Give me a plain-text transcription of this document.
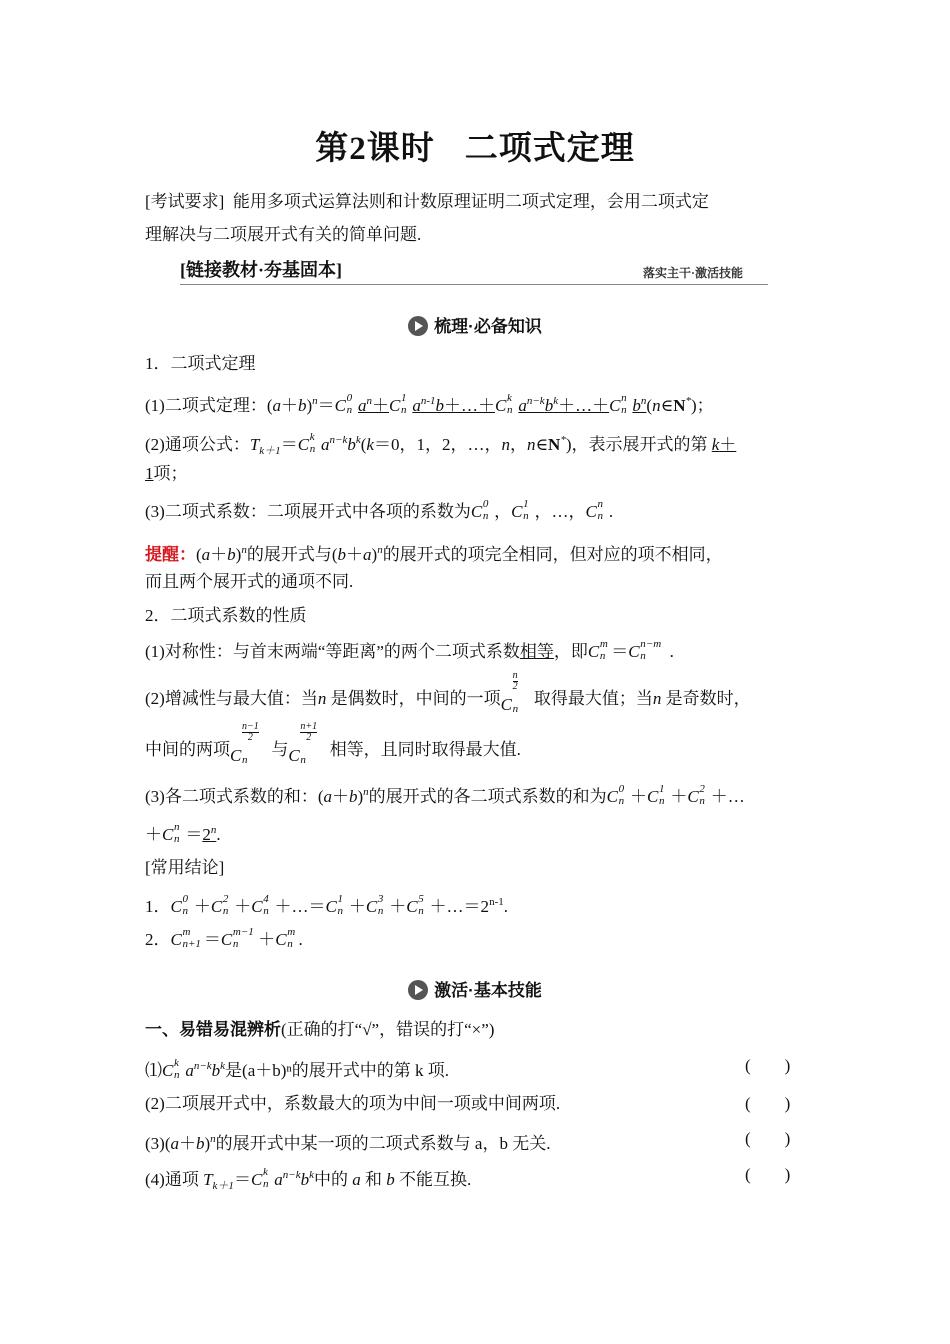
第2课时 二项式定理
[考试要求] 能用多项式运算法则和计数原理证明二项式定理，会用二项式定
理解决与二项展开式有关的简单问题.
[链接教材·夯基固本]	落实主干·激活技能
梳理·必备知识
1．二项式定理
(1)二项式定理：$(a+b)^n=C$ 0
n $a^n+C$ 1
n $a^{n-1}b+\dots+C$ k
n $a^{n-k}b^k+\dots+C$ n
n $b^n(n\in N^*)$；
(2)通项公式：$T_{k+1}=C$ k
n $a^{n-k}b^k(k=0$，1，2，…，n，n∈N*)，表示展开式的第 k＋
1项；
(3)二项式系数：二项展开式中各项的系数为C 0
n ，C 1
n ，…，C n
n .
提醒：$(a+b)^n$的展开式与$(b+a)^n$的展开式的项完全相同，但对应的项不相同，
而且两个展开式的通项不同.
2．二项式系数的性质
(1)对称性：与首末两端“等距离”的两个二项式系数相等，即C m
n ＝C n−m
n .
(2)增减性与最大值：当n 是偶数时，中间的一项C
n
2
n
取得最大值；当n 是奇数时，
中间的两项C
n−1
2
n
与C
n+1
2
n
相等，且同时取得最大值.
(3)各二项式系数的和：$(a+b)^n$的展开式的各二项式系数的和为C 0
n ＋C 1
n ＋C 2
n ＋…
＋C n
$n =2^n$.
[常用结论]
1．C 0
n ＋C 2
n ＋C 4
n ＋…＝C 1
n ＋C 3
n ＋C 5
$n +\dots=2^{n-1}$.
2．C m
n+1 ＝C m−1
n ＋C m
n .
激活·基本技能
一、易错易混辨析(正确的打“√”，错误的打“×”)
⑴C k
n $a^{n-k}b^k$是(a＋b)ⁿ的展开式中的第 k 项.	(　　)
(2)二项展开式中，系数最大的项为中间一项或中间两项.	(　　)
$(3)(a+b)^n$的展开式中某一项的二项式系数与 a，b 无关.	(　　)
(4)通项 $T_{k+1}=C$ k
n $a^{n-k}b^k$中的 a 和 b 不能互换.	(　　)
